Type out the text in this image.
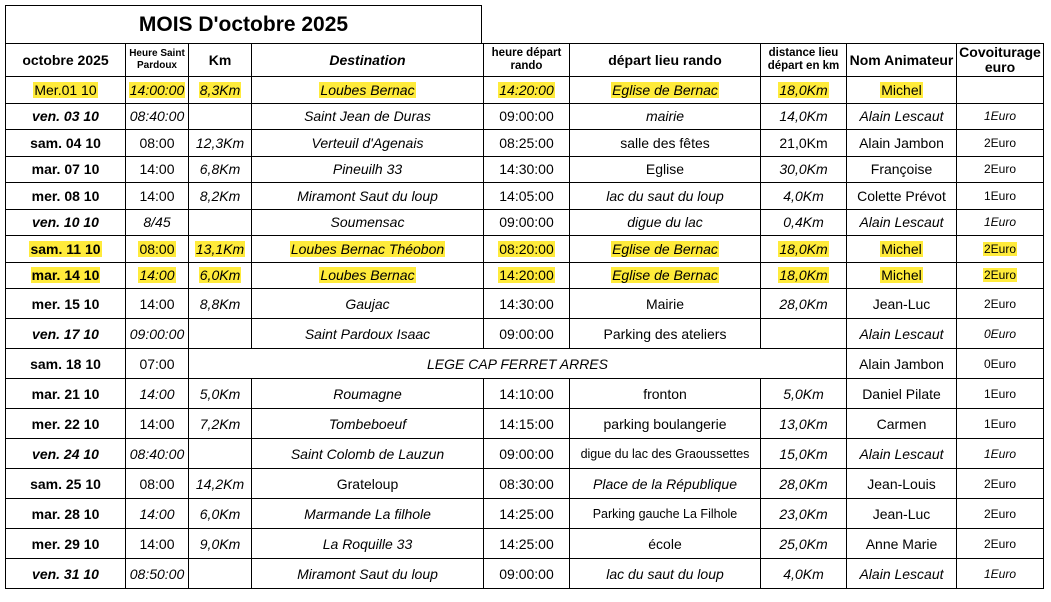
MOIS D'octobre 2025
octobre 2025	Heure Saint Pardoux	Km	Destination	heure départ rando	départ lieu rando	distance lieu départ en km	Nom Animateur	Covoiturage euro
Mer.01 10	14:00:00	8,3Km	Loubes Bernac	14:20:00	Eglise de Bernac	18,0Km	Michel	
ven. 03 10	08:40:00		Saint Jean de Duras	09:00:00	mairie	14,0Km	Alain Lescaut	1Euro
sam. 04 10	08:00	12,3Km	Verteuil d'Agenais	08:25:00	salle des fêtes	21,0Km	Alain Jambon	2Euro
mar. 07 10	14:00	6,8Km	Pineuilh 33	14:30:00	Eglise	30,0Km	Françoise	2Euro
mer. 08 10	14:00	8,2Km	Miramont Saut du loup	14:05:00	lac du saut du loup	4,0Km	Colette Prévot	1Euro
ven. 10 10	8/45		Soumensac	09:00:00	digue du lac	0,4Km	Alain Lescaut	1Euro
sam. 11 10	08:00	13,1Km	Loubes Bernac Théobon	08:20:00	Eglise de Bernac	18,0Km	Michel	2Euro
mar. 14 10	14:00	6,0Km	Loubes Bernac	14:20:00	Eglise de Bernac	18,0Km	Michel	2Euro
mer. 15 10	14:00	8,8Km	Gaujac	14:30:00	Mairie	28,0Km	Jean-Luc	2Euro
ven. 17 10	09:00:00		Saint Pardoux Isaac	09:00:00	Parking des ateliers		Alain Lescaut	0Euro
sam. 18 10	07:00	LEGE CAP FERRET ARRES					Alain Jambon	0Euro
mar. 21 10	14:00	5,0Km	Roumagne	14:10:00	fronton	5,0Km	Daniel Pilate	1Euro
mer. 22 10	14:00	7,2Km	Tombeboeuf	14:15:00	parking boulangerie	13,0Km	Carmen	1Euro
ven. 24 10	08:40:00		Saint Colomb de Lauzun	09:00:00	digue du lac des Graoussettes	15,0Km	Alain Lescaut	1Euro
sam. 25 10	08:00	14,2Km	Grateloup	08:30:00	Place de la République	28,0Km	Jean-Louis	2Euro
mar. 28 10	14:00	6,0Km	Marmande La filhole	14:25:00	Parking gauche La Filhole	23,0Km	Jean-Luc	2Euro
mer. 29 10	14:00	9,0Km	La Roquille 33	14:25:00	école	25,0Km	Anne Marie	2Euro
ven. 31 10	08:50:00		Miramont Saut du loup	09:00:00	lac du saut du loup	4,0Km	Alain Lescaut	1Euro
